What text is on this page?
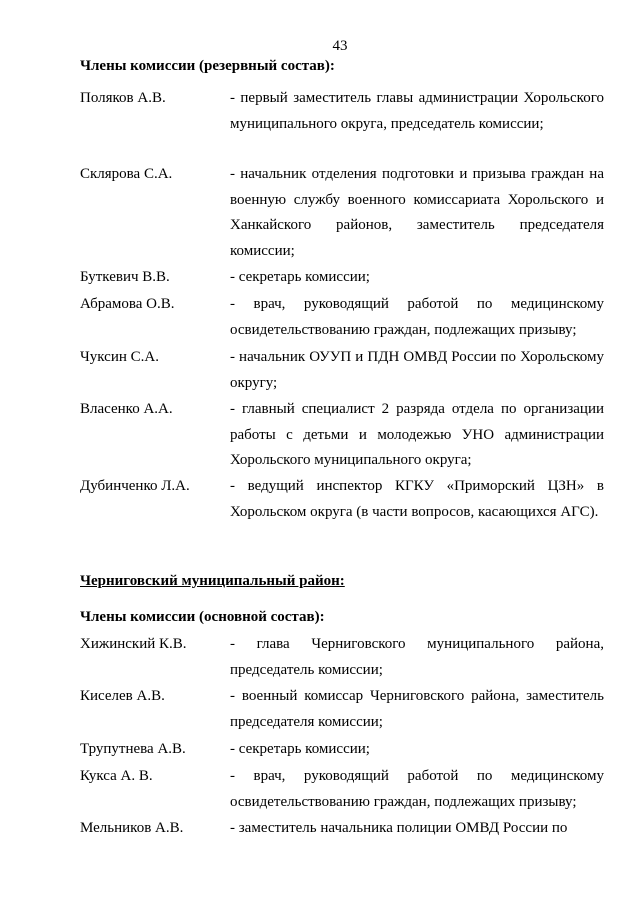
43
Члены комиссии (резервный состав):
Поляков А.В.	- первый заместитель главы администрации Хорольского муниципального округа, председатель комиссии;
Склярова С.А.	- начальник отделения подготовки и призыва граждан на военную службу военного комиссариата Хорольского и Ханкайского районов, заместитель председателя комиссии;
Буткевич В.В.	- секретарь комиссии;
Абрамова О.В.	- врач, руководящий работой по медицинскому освидетельствованию граждан, подлежащих призыву;
Чуксин С.А.	- начальник ОУУП и ПДН ОМВД России по Хорольскому округу;
Власенко А.А.	- главный специалист 2 разряда отдела по организации работы с детьми и молодежью УНО администрации Хорольского муниципального округа;
Дубинченко Л.А.	- ведущий инспектор КГКУ «Приморский ЦЗН» в Хорольском округа (в части вопросов, касающихся АГС).
Черниговский муниципальный район:
Члены комиссии (основной состав):
Хижинский К.В.	- глава Черниговского муниципального района, председатель комиссии;
Киселев А.В.	- военный комиссар Черниговского района, заместитель председателя комиссии;
Трупутнева А.В.	- секретарь комиссии;
Кукса А. В.	- врач, руководящий работой по медицинскому освидетельствованию граждан, подлежащих призыву;
Мельников А.В.	- заместитель начальника полиции ОМВД России по
